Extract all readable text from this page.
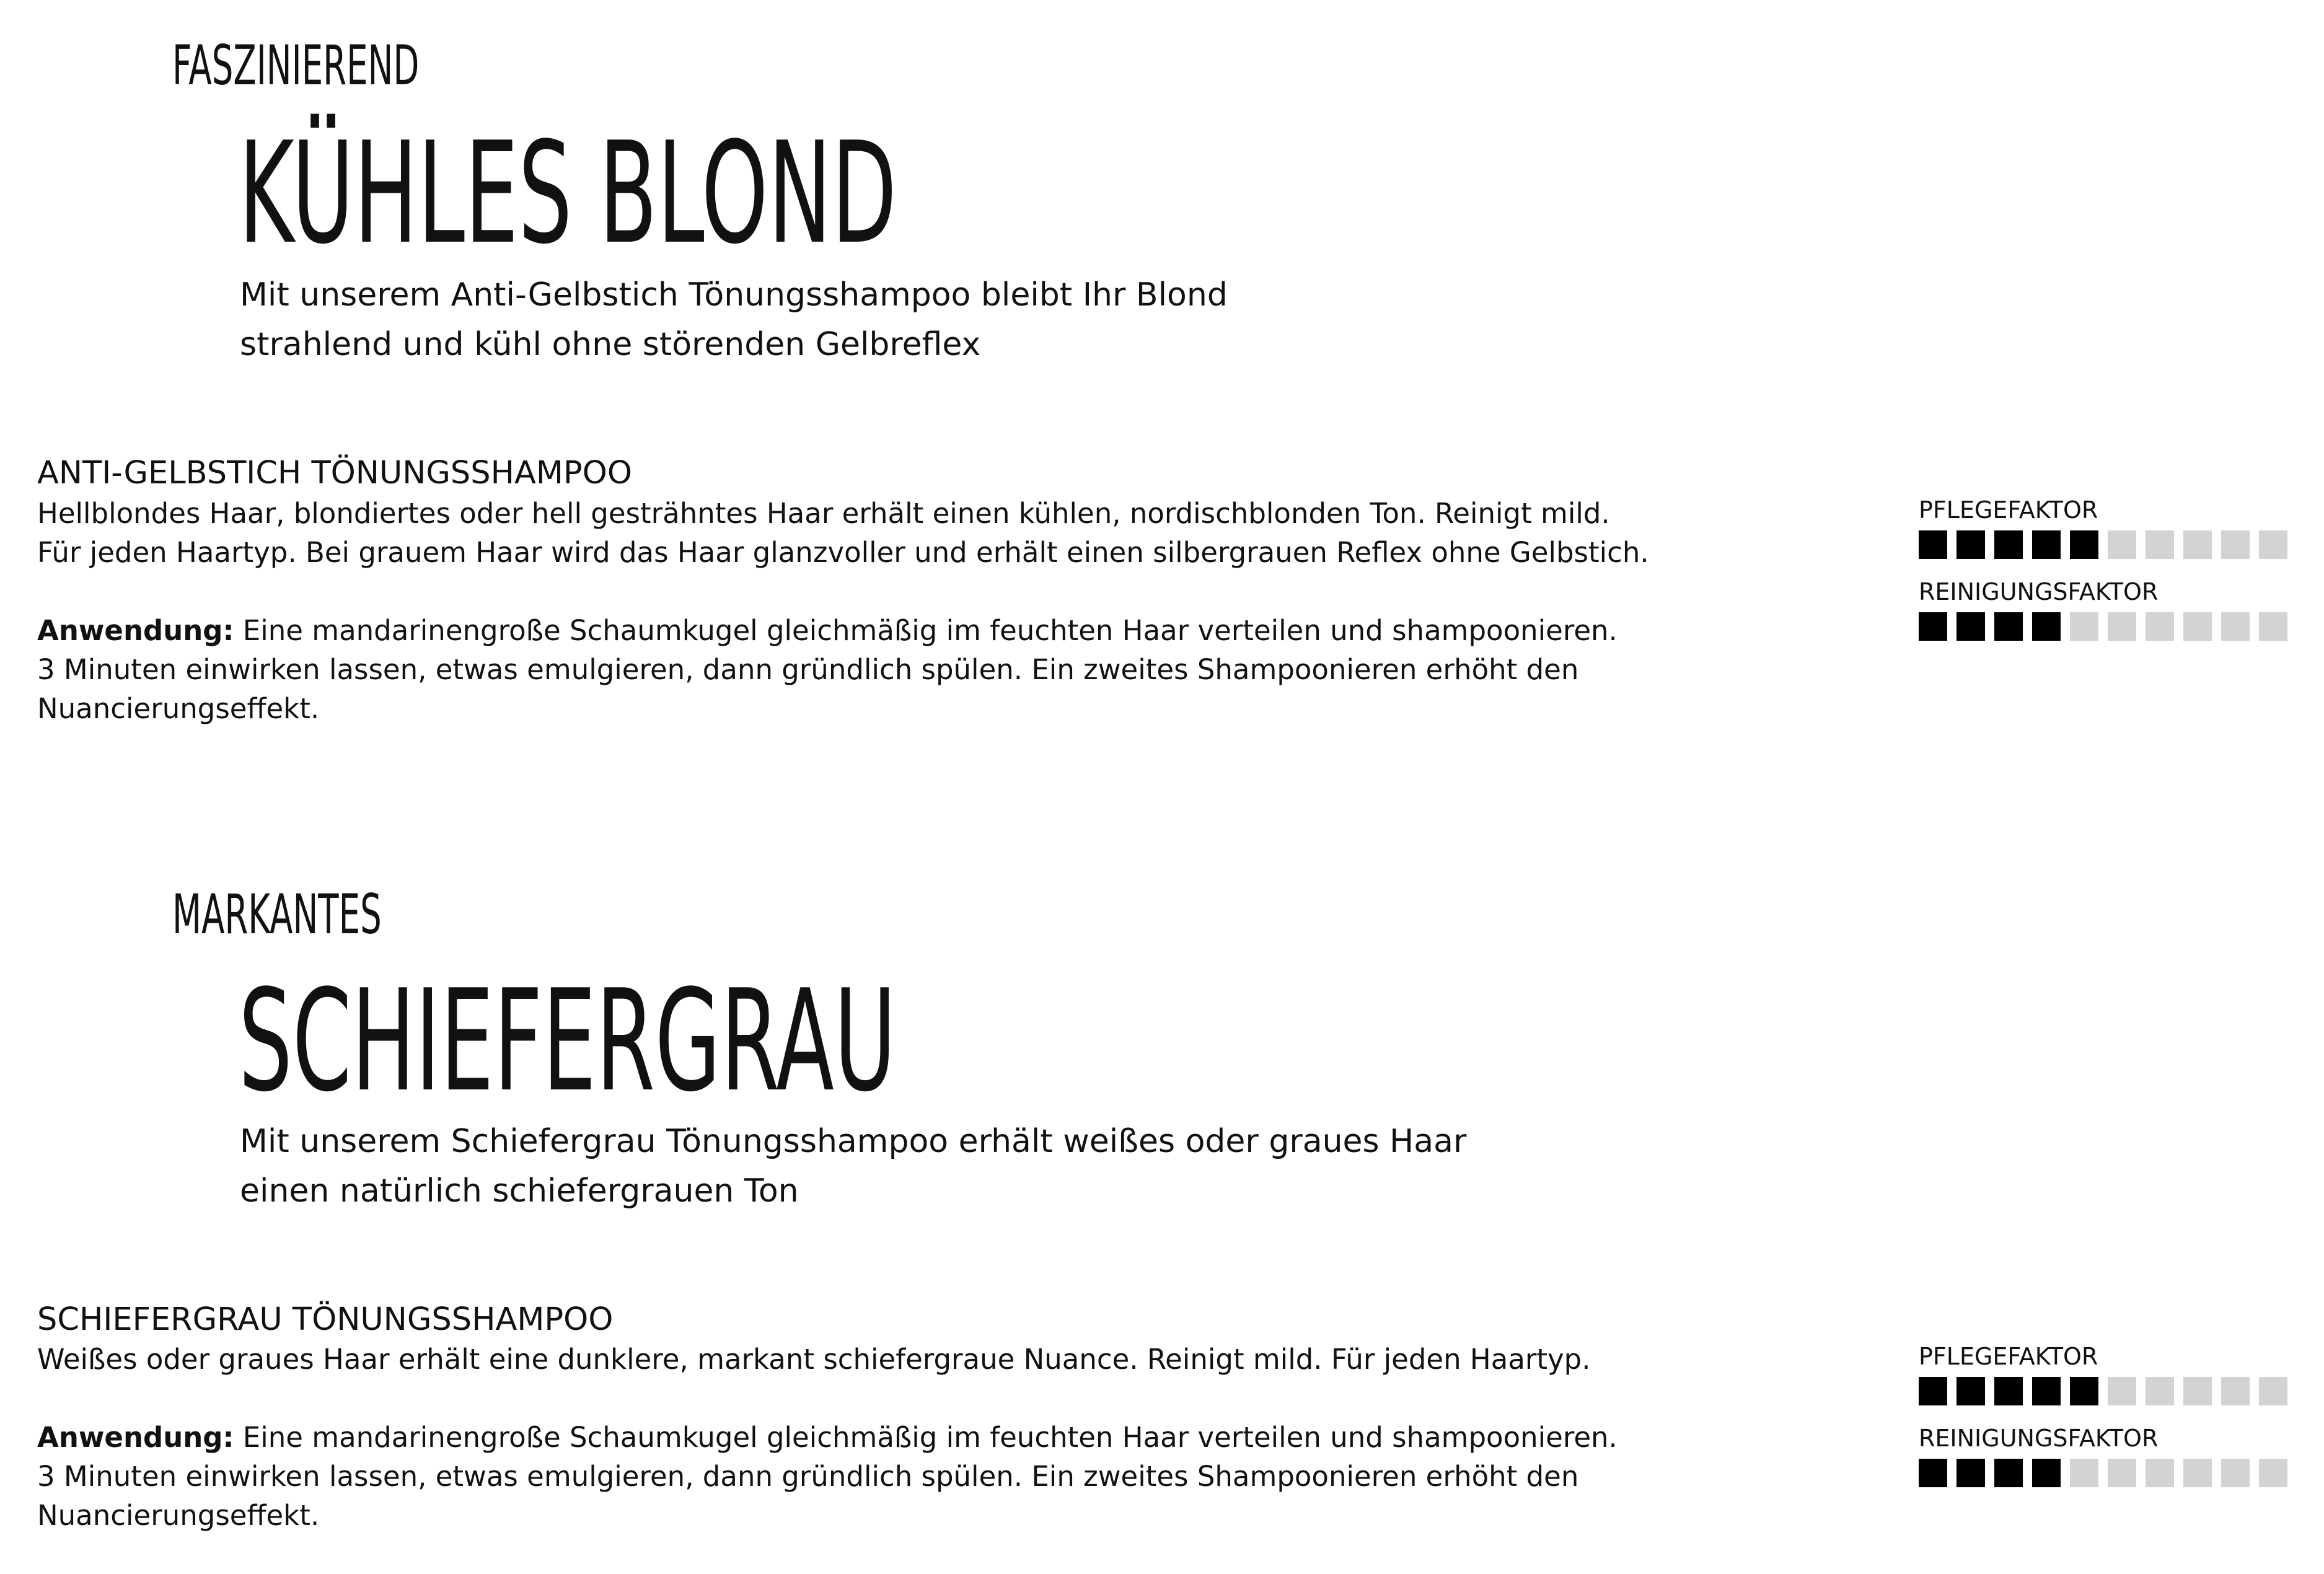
FASZINIEREND
KÜHLES BLOND
Mit unserem Anti-Gelbstich Tönungsshampoo bleibt Ihr Blond
strahlend und kühl ohne störenden Gelbreflex
ANTI-GELBSTICH TÖNUNGSSHAMPOO
Hellblondes Haar, blondiertes oder hell gesträhntes Haar erhält einen kühlen, nordischblonden Ton. Reinigt mild.
Für jeden Haartyp. Bei grauem Haar wird das Haar glanzvoller und erhält einen silbergrauen Reflex ohne Gelbstich.
Anwendung: Eine mandarinengroße Schaumkugel gleichmäßig im feuchten Haar verteilen und shampoonieren.
3 Minuten einwirken lassen, etwas emulgieren, dann gründlich spülen. Ein zweites Shampoonieren erhöht den
Nuancierungseffekt.
PFLEGEFAKTOR
REINIGUNGSFAKTOR
MARKANTES
SCHIEFERGRAU
Mit unserem Schiefergrau Tönungsshampoo erhält weißes oder graues Haar
einen natürlich schiefergrauen Ton
SCHIEFERGRAU TÖNUNGSSHAMPOO
Weißes oder graues Haar erhält eine dunklere, markant schiefergraue Nuance. Reinigt mild. Für jeden Haartyp.
Anwendung: Eine mandarinengroße Schaumkugel gleichmäßig im feuchten Haar verteilen und shampoonieren.
3 Minuten einwirken lassen, etwas emulgieren, dann gründlich spülen. Ein zweites Shampoonieren erhöht den
Nuancierungseffekt.
PFLEGEFAKTOR
REINIGUNGSFAKTOR
